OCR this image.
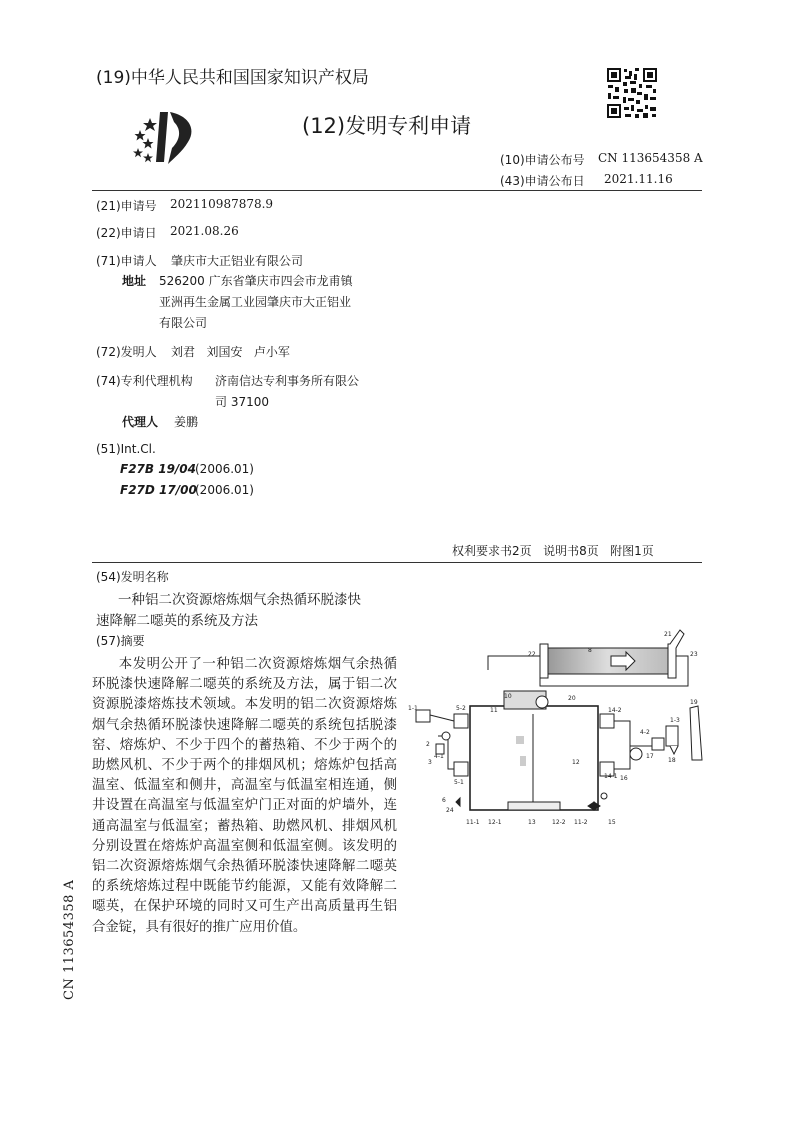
(19)中华人民共和国国家知识产权局
(12)发明专利申请
(10)申请公布号 CN 113654358 A
(43)申请公布日 2021.11.16
(21)申请号 202110987878.9
(22)申请日 2021.08.26
(71)申请人 肇庆市大正铝业有限公司
地址 526200 广东省肇庆市四会市龙甫镇
亚洲再生金属工业园肇庆市大正铝业
有限公司
(72)发明人 刘君   刘国安   卢小军
(74)专利代理机构 济南信达专利事务所有限公
司 37100
代理人 姜鹏
(51)Int.Cl.
F27B 19/04
(2006.01)
F27D 17/00
(2006.01)
权利要求书2页   说明书8页   附图1页
(54)发明名称
一种铝二次资源熔炼烟气余热循环脱漆快
速降解二噁英的系统及方法
(57)摘要

本发明公开了一种铝二次资源熔炼烟气余热循环脱漆快速降解二噁英的系统及方法，属于铝二次资源脱漆熔炼技术领域。本发明的铝二次资源熔炼烟气余热循环脱漆快速降解二噁英的系统包括脱漆窑、熔炼炉、不少于四个的蓄热箱、不少于两个的助燃风机、不少于两个的排烟风机；熔炼炉包括高温室、低温室和侧井，高温室与低温室相连通，侧井设置在高温室与低温室炉门正对面的炉墙外，连通高温室与低温室；蓄热箱、助燃风机、排烟风机分别设置在熔炼炉高温室侧和低温室侧。该发明的铝二次资源熔炼烟气余热循环脱漆快速降解二噁英的系统熔炼过程中既能节约能源，又能有效降解二噁英，在保护环境的同时又可生产出高质量再生铝合金锭，具有很好的推广应用价值。

CN 113654358 A
8
21
22	23
10	20
11
1-1	5-2	14-2
4-2
1-3
19
2
3
4-1
5-1
6
24
12
17
18
16
14-1
15
11-1 12-1	13	12-2 11-2
